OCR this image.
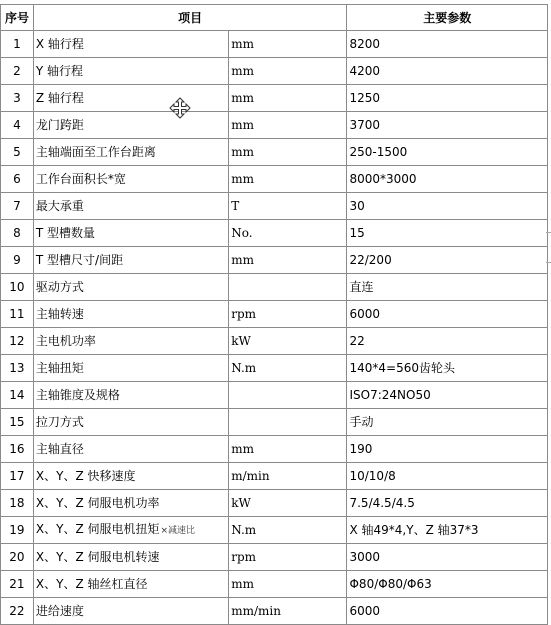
序号	项目		主要参数
1	X 轴行程	mm	8200
2	Y 轴行程	mm	4200
3	Z 轴行程	mm	1250
4	龙门跨距	mm	3700
5	主轴端面至工作台距离	mm	250-1500
6	工作台面积长*宽	mm	8000*3000
7	最大承重	T	30
8	T 型槽数量	No.	15
9	T 型槽尺寸/间距	mm	22/200
10	驱动方式		直连
11	主轴转速	rpm	6000
12	主电机功率	kW	22
13	主轴扭矩	N.m	140*4=560齿轮头
14	主轴锥度及规格		ISO7:24NO50
15	拉刀方式		手动
16	主轴直径	mm	190
17	X、Y、Z 快移速度	m/min	10/10/8
18	X、Y、Z 伺服电机功率	kW	7.5/4.5/4.5
19	X、Y、Z 伺服电机扭矩×减速比	N.m	X 轴49*4,Y、Z 轴37*3
20	X、Y、Z 伺服电机转速	rpm	3000
21	X、Y、Z 轴丝杠直径	mm	Φ80/Φ80/Φ63
22	进给速度	mm/min	6000
